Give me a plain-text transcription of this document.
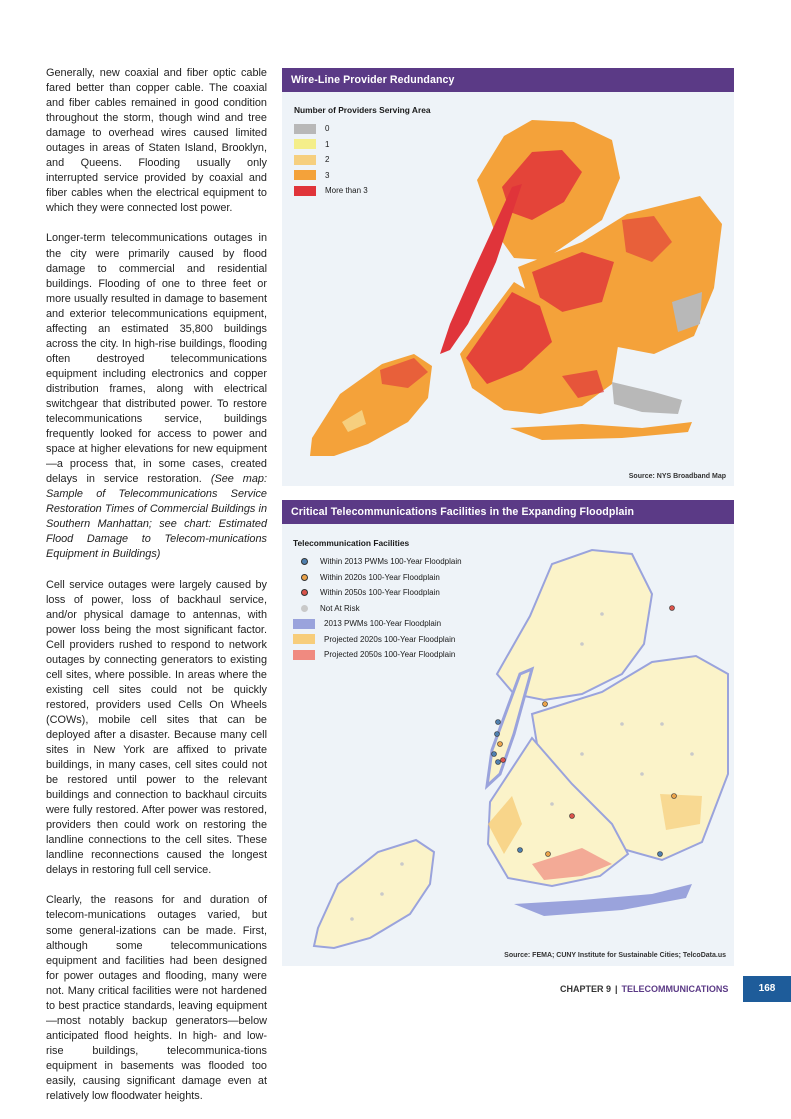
Generally, new coaxial and fiber optic cable fared better than copper cable. The coaxial and fiber cables remained in good condition throughout the storm, though wind and tree damage to overhead wires caused limited outages in areas of Staten Island, Brooklyn, and Queens. Flooding usually only interrupted service provided by coaxial and fiber cables when the electrical equipment to which they were connected lost power.

Longer-term telecommunications outages in the city were primarily caused by flood damage to commercial and residential buildings. Flooding of one to three feet or more usually resulted in damage to basement and exterior telecommunications equipment, affecting an estimated 35,800 buildings across the city. In high-rise buildings, flooding often destroyed telecommunications equipment including electronics and copper distribution frames, along with electrical switchgear that distributed power. To restore telecommunications service, buildings frequently looked for access to power and space at higher elevations for new equipment—a process that, in some cases, created delays in service restoration. (See map: Sample of Telecommunications Service Restoration Times of Commercial Buildings in Southern Manhattan; see chart: Estimated Flood Damage to Telecom-munications Equipment in Buildings)

Cell service outages were largely caused by loss of power, loss of backhaul service, and/or physical damage to antennas, with power loss being the most significant factor. Cell providers rushed to respond to network outages by connecting generators to existing cell sites, where possible. In areas where the existing cell sites could not be quickly restored, providers used Cells On Wheels (COWs), mobile cell sites that can be deployed after a disaster. Because many cell sites in New York are affixed to private buildings, in many cases, cell sites could not be restored until power to the relevant buildings and connection to backhaul circuits were fully restored. After power was restored, providers then could work on restoring the landline connections to the cell sites. These landline reconnections caused the longest delays in restoring full cell service.

Clearly, the reasons for and duration of telecom-munications outages varied, but some general-izations can be made. First, although some telecommunications equipment and facilities had been designed for power outages and flooding, many were not. Many critical facilities were not hardened to best practice standards, leaving equipment—most notably backup generators—below anticipated flood heights. In high- and low-rise buildings, telecommunica-tions equipment in basements was flooded too easily, causing significant damage even at relatively low floodwater heights.

Wire-Line Provider Redundancy
Number of Providers Serving Area
0
1
2
3
More than 3
Source: NYS Broadband Map
Critical Telecommunications Facilities in the Expanding Floodplain
Telecommunication Facilities
Within 2013 PWMs 100-Year Floodplain
Within 2020s 100-Year Floodplain
Within 2050s 100-Year Floodplain
Not At Risk
2013 PWMs 100-Year Floodplain
Projected 2020s 100-Year Floodplain
Projected 2050s 100-Year Floodplain
Source: FEMA; CUNY Institute for Sustainable Cities; TelcoData.us
CHAPTER 9 | TELECOMMUNICATIONS	168
